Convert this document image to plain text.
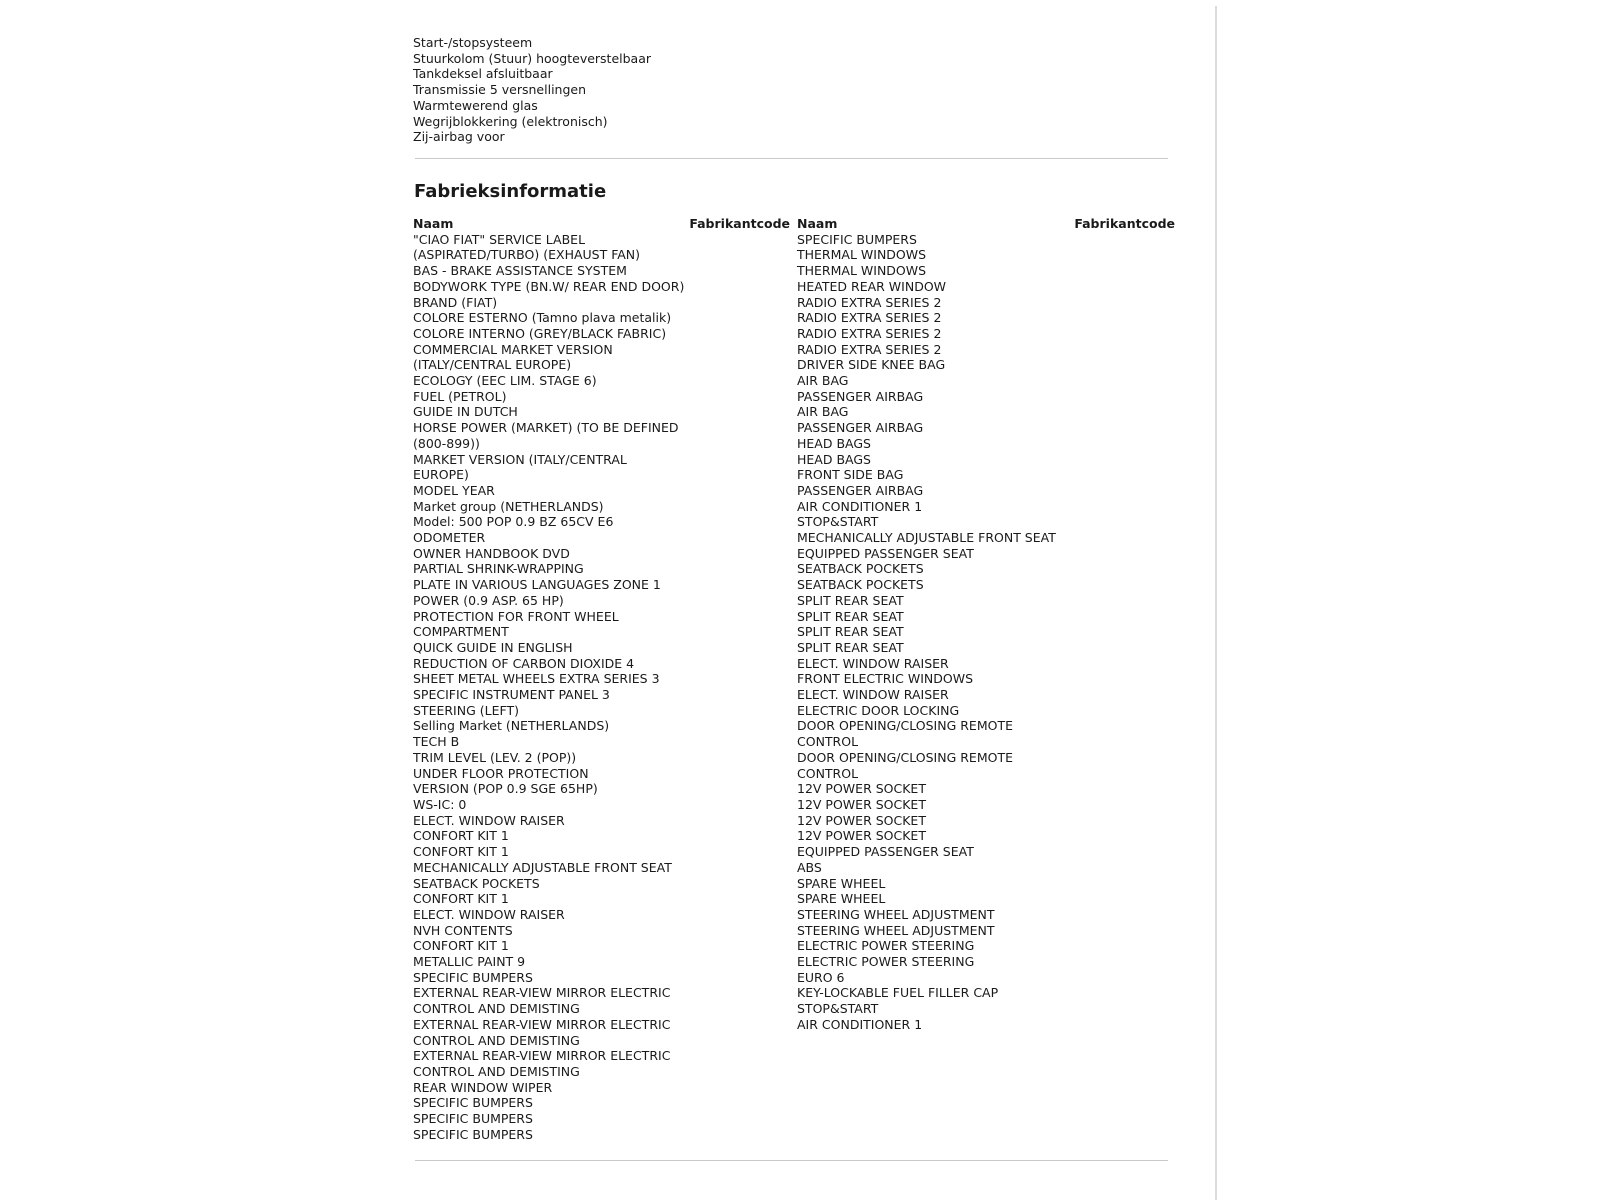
Start-/stopsysteem
Stuurkolom (Stuur) hoogteverstelbaar
Tankdeksel afsluitbaar
Transmissie 5 versnellingen
Warmtewerend glas
Wegrijblokkering (elektronisch)
Zij-airbag voor
Fabrieksinformatie
Naam	Fabrikantcode
"CIAO FIAT" SERVICE LABEL
(ASPIRATED/TURBO) (EXHAUST FAN)
BAS - BRAKE ASSISTANCE SYSTEM
BODYWORK TYPE (BN.W/ REAR END DOOR)
BRAND (FIAT)
COLORE ESTERNO (Tamno plava metalik)
COLORE INTERNO (GREY/BLACK FABRIC)
COMMERCIAL MARKET VERSION
(ITALY/CENTRAL EUROPE)
ECOLOGY (EEC LIM. STAGE 6)
FUEL (PETROL)
GUIDE IN DUTCH
HORSE POWER (MARKET) (TO BE DEFINED
(800-899))
MARKET VERSION (ITALY/CENTRAL
EUROPE)
MODEL YEAR
Market group (NETHERLANDS)
Model: 500 POP 0.9 BZ 65CV E6
ODOMETER
OWNER HANDBOOK DVD
PARTIAL SHRINK-WRAPPING
PLATE IN VARIOUS LANGUAGES ZONE 1
POWER (0.9 ASP. 65 HP)
PROTECTION FOR FRONT WHEEL
COMPARTMENT
QUICK GUIDE IN ENGLISH
REDUCTION OF CARBON DIOXIDE 4
SHEET METAL WHEELS EXTRA SERIES 3
SPECIFIC INSTRUMENT PANEL 3
STEERING (LEFT)
Selling Market (NETHERLANDS)
TECH B
TRIM LEVEL (LEV. 2 (POP))
UNDER FLOOR PROTECTION
VERSION (POP 0.9 SGE 65HP)
WS-IC: 0
ELECT. WINDOW RAISER
CONFORT KIT 1
CONFORT KIT 1
MECHANICALLY ADJUSTABLE FRONT SEAT
SEATBACK POCKETS
CONFORT KIT 1
ELECT. WINDOW RAISER
NVH CONTENTS
CONFORT KIT 1
METALLIC PAINT 9
SPECIFIC BUMPERS
EXTERNAL REAR-VIEW MIRROR ELECTRIC
CONTROL AND DEMISTING
EXTERNAL REAR-VIEW MIRROR ELECTRIC
CONTROL AND DEMISTING
EXTERNAL REAR-VIEW MIRROR ELECTRIC
CONTROL AND DEMISTING
REAR WINDOW WIPER
SPECIFIC BUMPERS
SPECIFIC BUMPERS
SPECIFIC BUMPERS
Naam	Fabrikantcode
SPECIFIC BUMPERS
THERMAL WINDOWS
THERMAL WINDOWS
HEATED REAR WINDOW
RADIO EXTRA SERIES 2
RADIO EXTRA SERIES 2
RADIO EXTRA SERIES 2
RADIO EXTRA SERIES 2
DRIVER SIDE KNEE BAG
AIR BAG
PASSENGER AIRBAG
AIR BAG
PASSENGER AIRBAG
HEAD BAGS
HEAD BAGS
FRONT SIDE BAG
PASSENGER AIRBAG
AIR CONDITIONER 1
STOP&START
MECHANICALLY ADJUSTABLE FRONT SEAT
EQUIPPED PASSENGER SEAT
SEATBACK POCKETS
SEATBACK POCKETS
SPLIT REAR SEAT
SPLIT REAR SEAT
SPLIT REAR SEAT
SPLIT REAR SEAT
ELECT. WINDOW RAISER
FRONT ELECTRIC WINDOWS
ELECT. WINDOW RAISER
ELECTRIC DOOR LOCKING
DOOR OPENING/CLOSING REMOTE
CONTROL
DOOR OPENING/CLOSING REMOTE
CONTROL
12V POWER SOCKET
12V POWER SOCKET
12V POWER SOCKET
12V POWER SOCKET
EQUIPPED PASSENGER SEAT
ABS
SPARE WHEEL
SPARE WHEEL
STEERING WHEEL ADJUSTMENT
STEERING WHEEL ADJUSTMENT
ELECTRIC POWER STEERING
ELECTRIC POWER STEERING
EURO 6
KEY-LOCKABLE FUEL FILLER CAP
STOP&START
AIR CONDITIONER 1
